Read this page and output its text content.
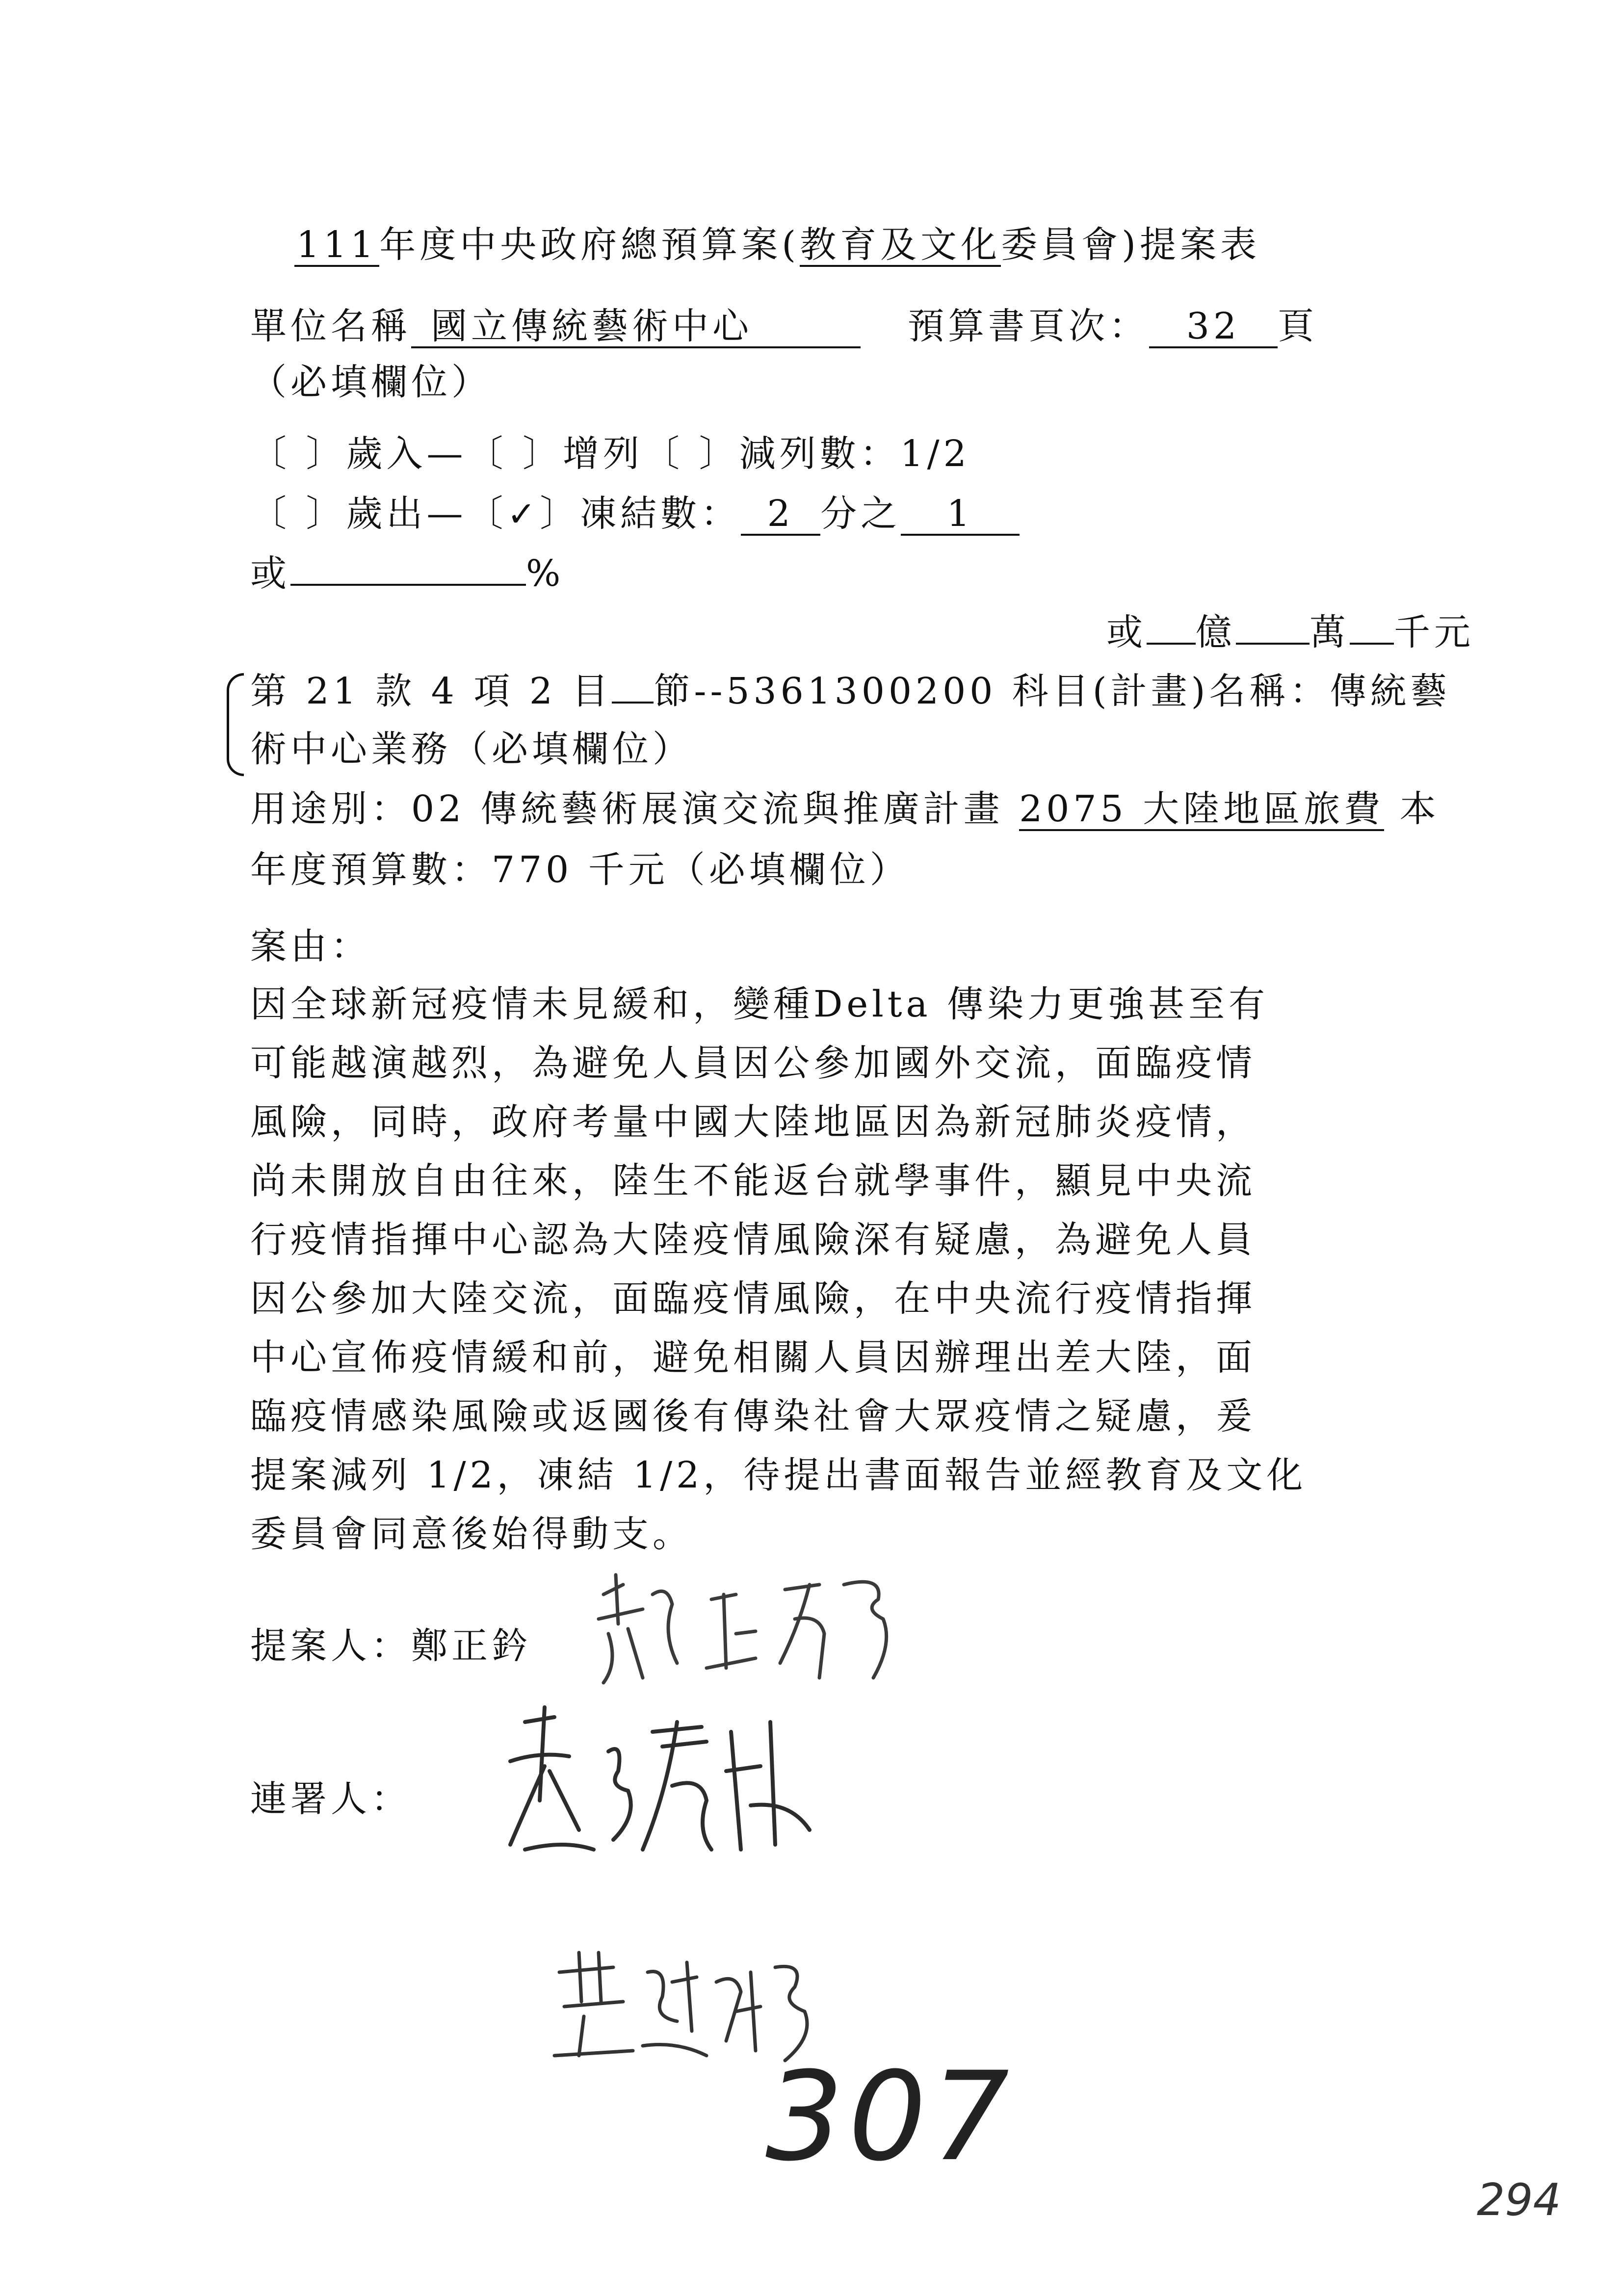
111年度中央政府總預算案(教育及文化委員會)提案表
單位名稱 國立傳統藝術中心	預算書頁次： 32 頁
（必填欄位）
〔 〕歲入—〔 〕增列〔 〕減列數：1/2
〔 〕歲出—〔✓〕凍結數： 2 分之 1
或	%
或 億 萬 千元
第 21 款 4 項 2 目 節--5361300200 科目(計畫)名稱：傳統藝
術中心業務（必填欄位）
用途別：02 傳統藝術展演交流與推廣計畫 2075 大陸地區旅費 本
年度預算數：770 千元（必填欄位）
案由：
因全球新冠疫情未見緩和，變種Delta 傳染力更強甚至有
可能越演越烈，為避免人員因公參加國外交流，面臨疫情
風險，同時，政府考量中國大陸地區因為新冠肺炎疫情，
尚未開放自由往來，陸生不能返台就學事件，顯見中央流
行疫情指揮中心認為大陸疫情風險深有疑慮，為避免人員
因公參加大陸交流，面臨疫情風險，在中央流行疫情指揮
中心宣佈疫情緩和前，避免相關人員因辦理出差大陸，面
臨疫情感染風險或返國後有傳染社會大眾疫情之疑慮，爰
提案減列 1/2，凍結 1/2，待提出書面報告並經教育及文化
委員會同意後始得動支。
提案人：鄭正鈐
連署人：
307
294
